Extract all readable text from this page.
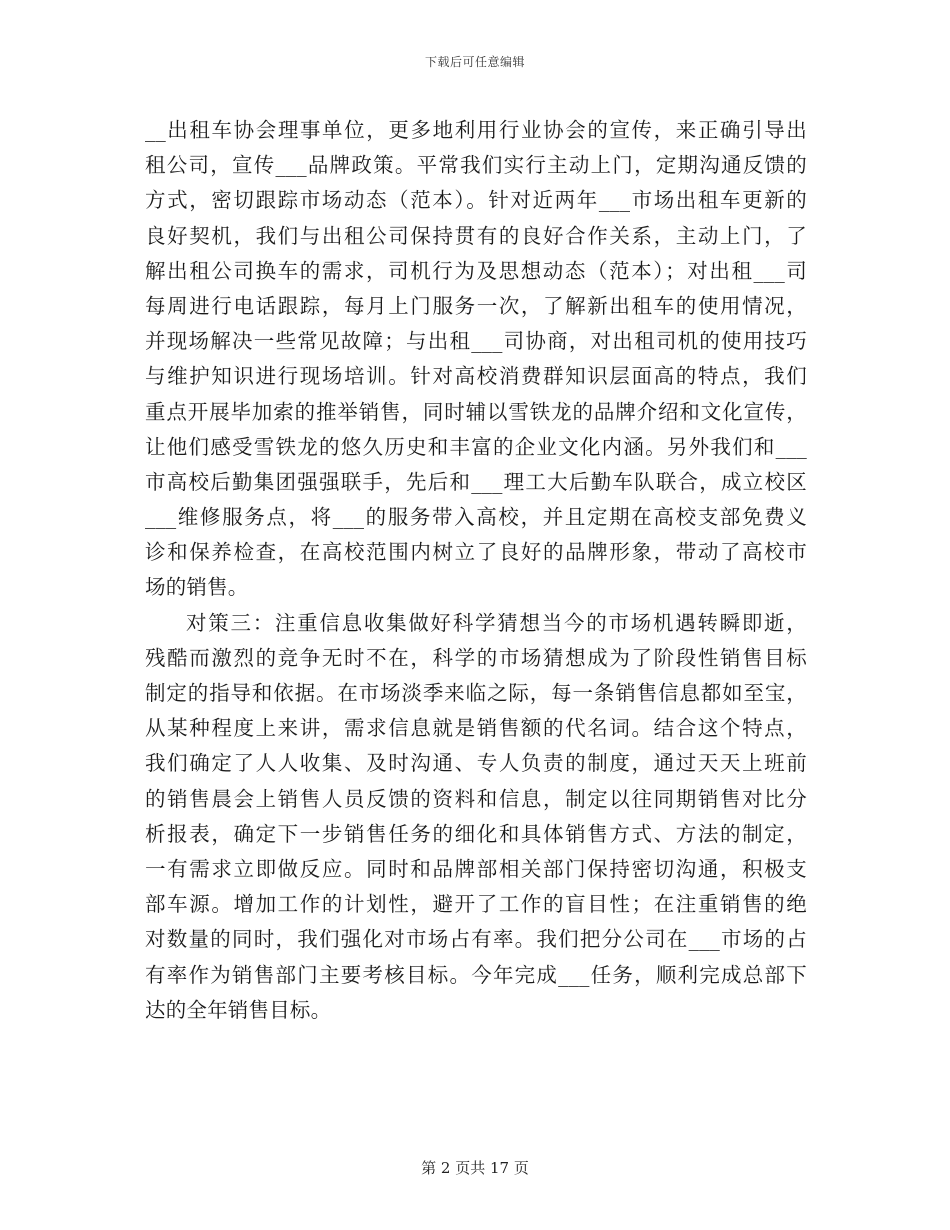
下载后可任意编辑
__出租车协会理事单位，更多地利用行业协会的宣传，来正确引导出
租公司，宣传___品牌政策。平常我们实行主动上门，定期沟通反馈的
方式，密切跟踪市场动态（范本）。针对近两年___市场出租车更新的
良好契机，我们与出租公司保持贯有的良好合作关系，主动上门，了
解出租公司换车的需求，司机行为及思想动态（范本）；对出租___司
每周进行电话跟踪，每月上门服务一次，了解新出租车的使用情况，
并现场解决一些常见故障；与出租___司协商，对出租司机的使用技巧
与维护知识进行现场培训。针对高校消费群知识层面高的特点，我们
重点开展毕加索的推举销售，同时辅以雪铁龙的品牌介绍和文化宣传，
让他们感受雪铁龙的悠久历史和丰富的企业文化内涵。另外我们和___
市高校后勤集团强强联手，先后和___理工大后勤车队联合，成立校区
___维修服务点，将___的服务带入高校，并且定期在高校支部免费义
诊和保养检查，在高校范围内树立了良好的品牌形象，带动了高校市
场的销售。
对策三：注重信息收集做好科学猜想当今的市场机遇转瞬即逝，
残酷而激烈的竞争无时不在，科学的市场猜想成为了阶段性销售目标
制定的指导和依据。在市场淡季来临之际，每一条销售信息都如至宝，
从某种程度上来讲，需求信息就是销售额的代名词。结合这个特点，
我们确定了人人收集、及时沟通、专人负责的制度，通过天天上班前
的销售晨会上销售人员反馈的资料和信息，制定以往同期销售对比分
析报表，确定下一步销售任务的细化和具体销售方式、方法的制定，
一有需求立即做反应。同时和品牌部相关部门保持密切沟通，积极支
部车源。增加工作的计划性，避开了工作的盲目性；在注重销售的绝
对数量的同时，我们强化对市场占有率。我们把分公司在___市场的占
有率作为销售部门主要考核目标。今年完成___任务，顺利完成总部下
达的全年销售目标。
第 2 页共 17 页
